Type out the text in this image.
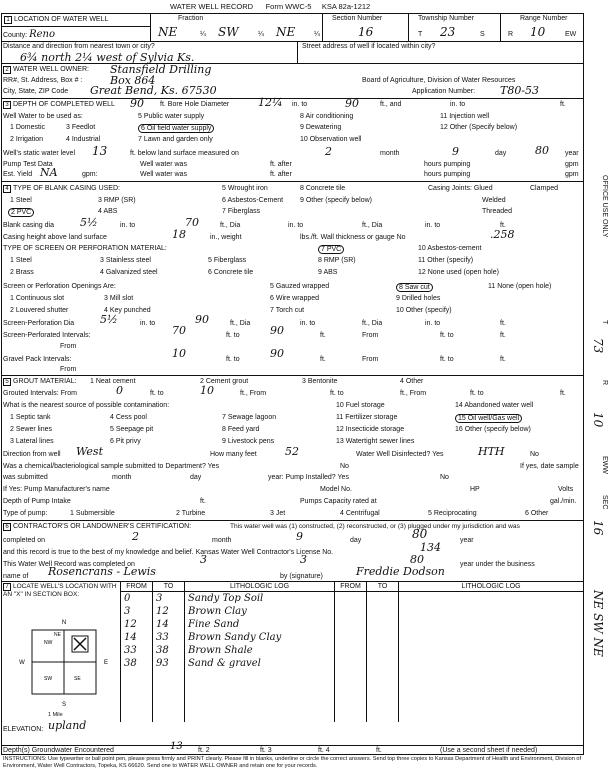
WATER WELL RECORD Form WWC-5 KSA 82a-1212
1 LOCATION OF WATER WELL
County: Reno
Fraction
NE	¼ SW	¼ NE	¼
Section Number
16
Township Number
T 23	S
Range Number
R 10	EW
Distance and direction from nearest town or city?
6¾ north 2¼ west of Sylvia Ks.
Street address of well if located within city?
2 WATER WELL OWNER: Stansfield Drilling
RR#, St. Address, Box # :	Box 864
City, State, ZIP Code Great Bend, Ks. 67530
Board of Agriculture, Division of Water Resources
Application Number: T80-53
3 DEPTH OF COMPLETED WELL 90 ft. Bore Hole Diameter	12¼ in. to	90	ft., and	in. to	ft.
Well Water to be used as:
1 Domestic	3 Feedlot
5 Public water supply	8 Air conditioning	11 Injection well
2 Irrigation	4 Industrial
6 Oil field water supply	9 Dewatering	12 Other (Specify below)
7 Lawn and garden only	10 Observation well
Well's static water level 13	ft. below land surface measured on	2	month	9	day	80 year
Pump Test Data	Well water was	ft. after	hours pumping	gpm
Est. Yield NA	gpm:	Well water was	ft. after	hours pumping	gpm
4 TYPE OF BLANK CASING USED:
1 Steel	3 RMP (SR)
5 Wrought iron	8 Concrete tile
2 PVC	4 ABS
6 Asbestos-Cement
7 Fiberglass
9 Other (specify below)
Casing Joints: Glued	Clamped
Welded
Threaded
Blank casing dia 5½	in. to	70	ft., Dia	in. to	ft., Dia	in. to	ft.
Casing height above land surface	18	in., weight	lbs./ft. Wall thickness or gauge No	.258
TYPE OF SCREEN OR PERFORATION MATERIAL:
1 Steel	3 Stainless steel	5 Fiberglass
7 PVC	10 Asbestos-cement
2 Brass	4 Galvanized steel	6 Concrete tile
8 RMP (SR)	11 Other (specify)
9 ABS	12 None used (open hole)
Screen or Perforation Openings Are:
1 Continuous slot	3 Mill slot
5 Gauzed wrapped	8 Saw cut	11 None (open hole)
2 Louvered shutter	4 Key punched
6 Wire wrapped	9 Drilled holes
7 Torch cut	10 Other (specify)
Screen-Perforation Dia 5½	in. to	90	ft., Dia	in. to	ft., Dia	in. to	ft.
Screen-Perforated Intervals:
From
70	ft. to	90	ft.	From	ft. to	ft.
Gravel Pack Intervals:
From
10	ft. to	90	ft.	From	ft. to	ft.
5 GROUT MATERIAL: 1 Neat cement	2 Cement grout	3 Bentonite	4 Other
Grouted Intervals: From	0	ft. to	10	ft., From	ft. to	ft., From	ft. to	ft.
What is the nearest source of possible contamination:
1 Septic tank	4 Cess pool	7 Sewage lagoon
10 Fuel storage	14 Abandoned water well
2 Sewer lines	5 Seepage pit	8 Feed yard
11 Fertilizer storage	15 Oil well/Gas well
3 Lateral lines	6 Pit privy	9 Livestock pens
12 Insecticide storage	16 Other (specify below)
13 Watertight sewer lines
Direction from well West	How many feet	52	Water Well Disinfected? Yes	HTH	No
Was a chemical/bacteriological sample submitted to Department? Yes	No	If yes, date sample
was submitted	month	day	year: Pump Installed? Yes	No
If Yes: Pump Manufacturer's name	Model No.	HP	Volts
Depth of Pump Intake	ft.	Pumps Capacity rated at	gal./min.
Type of pump:	1 Submersible	2 Turbine	3 Jet	4 Centrifugal	5 Reciprocating	6 Other
6 CONTRACTOR'S OR LANDOWNER'S CERTIFICATION:	This water well was (1) constructed, (2) reconstructed, or (3) plugged under my jurisdiction and was
completed on	2	month	9	day	80	year
and this record is true to the best of my knowledge and belief. Kansas Water Well Contractor's License No.	134
This Water Well Record was completed on	3	3	80	year under the business
name of Rosencrans - Lewis	by (signature)	Freddie Dodson
7 LOCATE WELL'S LOCATION WITH AN "X" IN SECTION BOX:
N
S
E
W
NW
SW	SE
NE
1 Mile
ELEVATION: upland
FROM	TO	LITHOLOGIC LOG	FROM	TO	LITHOLOGIC LOG
0	3	Sandy Top Soil			
3	12	Brown Clay			
12	14	Fine Sand			
14	33	Brown Sandy Clay			
33	38	Brown Shale			
38	93	Sand & gravel			

Depth(s) Groundwater Encountered	13 ft. 2	ft. 3	ft. 4	ft.	(Use a second sheet if needed)
INSTRUCTIONS: Use typewriter or ball point pen, please press firmly and PRINT clearly. Please fill in blanks, underline or circle the correct answers. Send top three copies to Kansas Department of Health and Environment, Division of Environment, Water Well Contractors, Topeka, KS 66620. Send one to WATER WELL OWNER and retain one for your records.
OFFICE USE ONLY
T
73
R
10
EWW
SEC
16
NE SW NE
